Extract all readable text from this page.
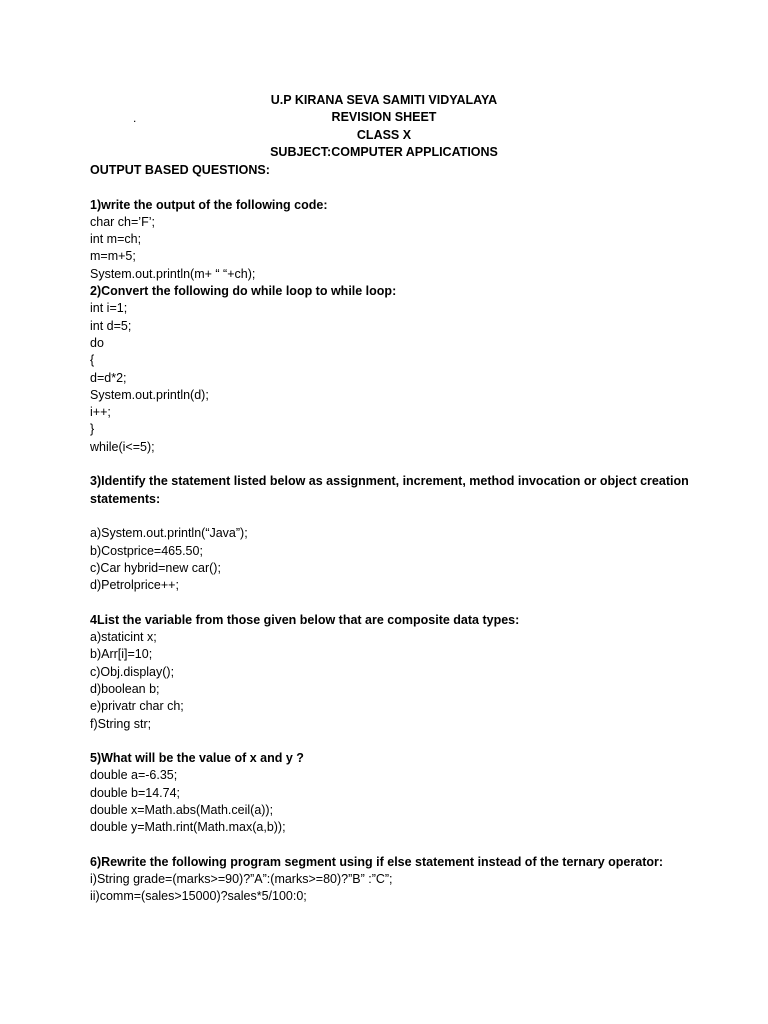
U.P KIRANA SEVA SAMITI VIDYALAYA
REVISION SHEET
CLASS X
SUBJECT:COMPUTER APPLICATIONS
.
OUTPUT BASED QUESTIONS:
1)write the output of the following code:
char ch=’F’;
int m=ch;
m=m+5;
System.out.println(m+ “ “+ch);
2)Convert the following do while loop to while loop:
int i=1;
int d=5;
do
{
d=d*2;
System.out.println(d);
i++;
}
while(i<=5);
3)Identify the statement listed below as assignment, increment, method invocation or object creation statements:
a)System.out.println(“Java”);
b)Costprice=465.50;
c)Car hybrid=new car();
d)Petrolprice++;
4List the variable from those given below that are composite data types:
a)staticint x;
b)Arr[i]=10;
c)Obj.display();
d)boolean b;
e)privatr char ch;
f)String str;
5)What will be the value of x and y ?
double a=-6.35;
double b=14.74;
double x=Math.abs(Math.ceil(a));
double y=Math.rint(Math.max(a,b));
6)Rewrite the following program segment using if else statement instead of the ternary operator:
i)String grade=(marks>=90)?”A”:(marks>=80)?”B” :”C”;
ii)comm=(sales>15000)?sales*5/100:0;
